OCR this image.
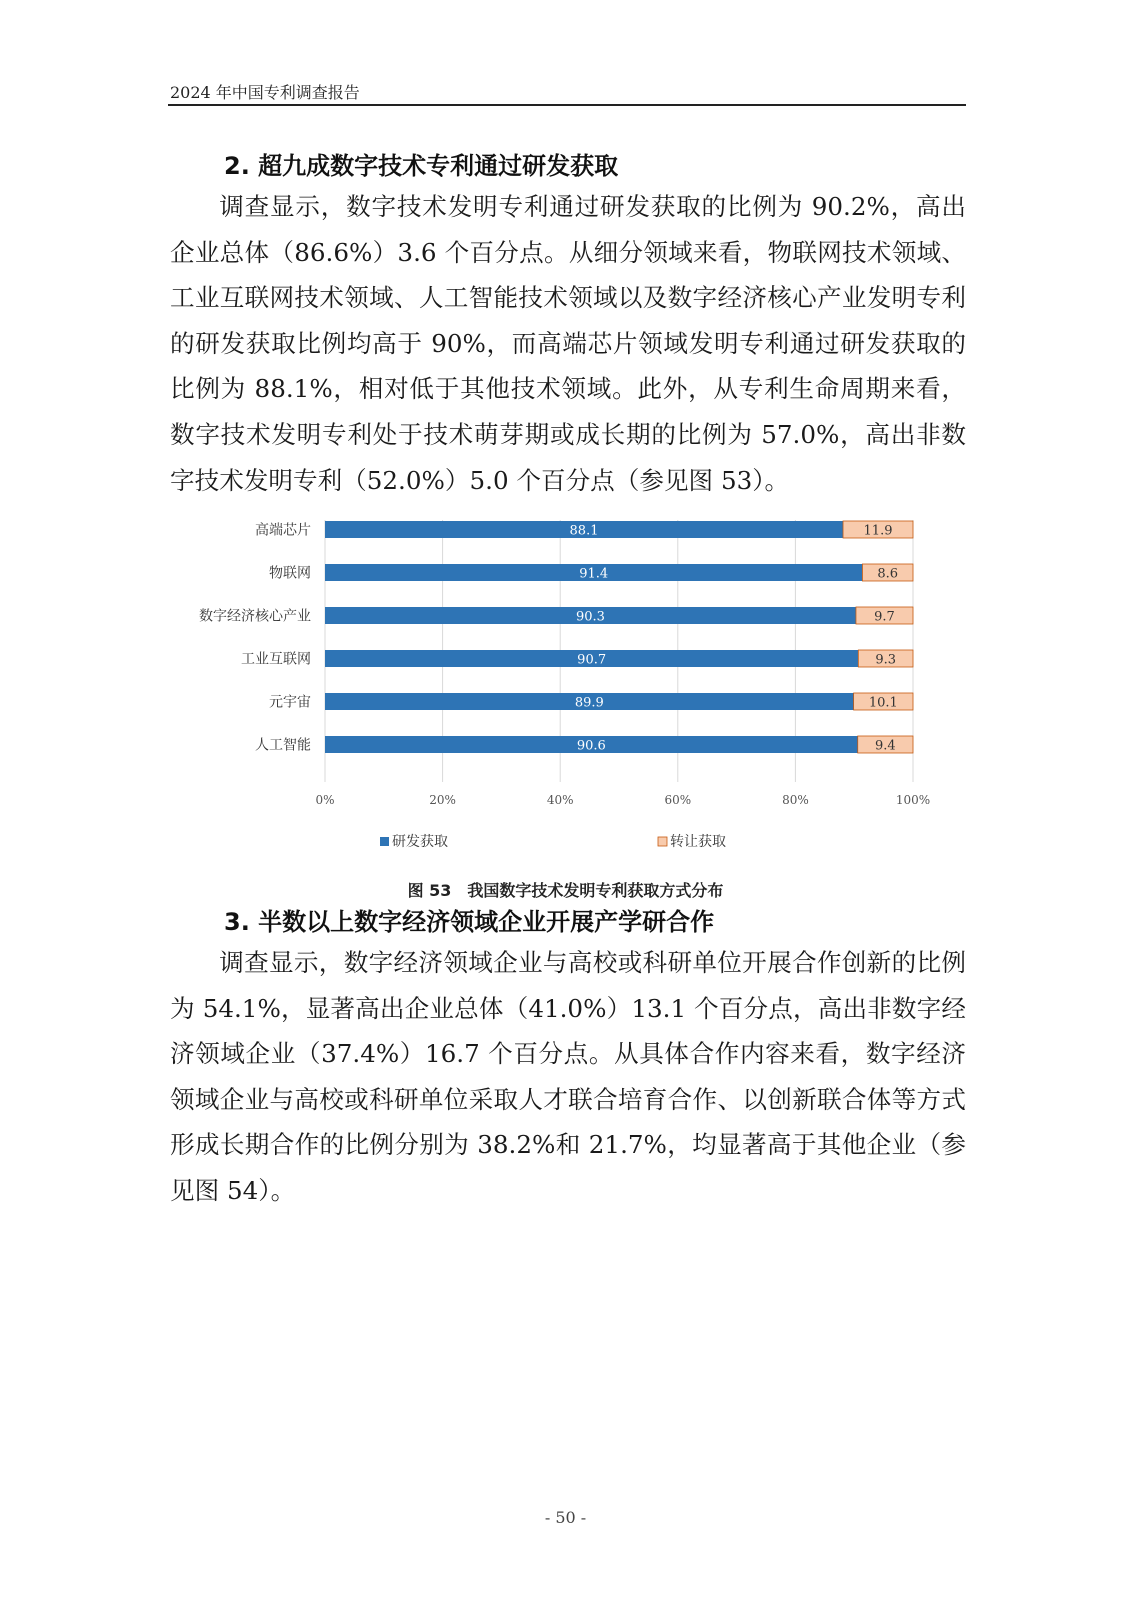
2024 年中国专利调查报告
2. 超九成数字技术专利通过研发获取

调查显示，数字技术发明专利通过研发获取的比例为 90.2%，高出企业总体（86.6%）3.6 个百分点。从细分领域来看，物联网技术领域、工业互联网技术领域、人工智能技术领域以及数字经济核心产业发明专利的研发获取比例均高于 90%，而高端芯片领域发明专利通过研发获取的比例为 88.1%，相对低于其他技术领域。此外，从专利生命周期来看，数字技术发明专利处于技术萌芽期或成长期的比例为 57.0%，高出非数字技术发明专利（52.0%）5.0 个百分点（参见图 53）。

0%	20%	40%	60%	80%	100%
高端芯片	88.1	11.9
物联网	91.4	8.6
数字经济核心产业	90.3	9.7
工业互联网	90.7	9.3
元宇宙	89.9	10.1
人工智能	90.6	9.4
研发获取	转让获取
图 53　我国数字技术发明专利获取方式分布
3. 半数以上数字经济领域企业开展产学研合作

调查显示，数字经济领域企业与高校或科研单位开展合作创新的比例为 54.1%，显著高出企业总体（41.0%）13.1 个百分点，高出非数字经济领域企业（37.4%）16.7 个百分点。从具体合作内容来看，数字经济领域企业与高校或科研单位采取人才联合培育合作、以创新联合体等方式形成长期合作的比例分别为 38.2%和 21.7%，均显著高于其他企业（参见图 54）。

- 50 -
